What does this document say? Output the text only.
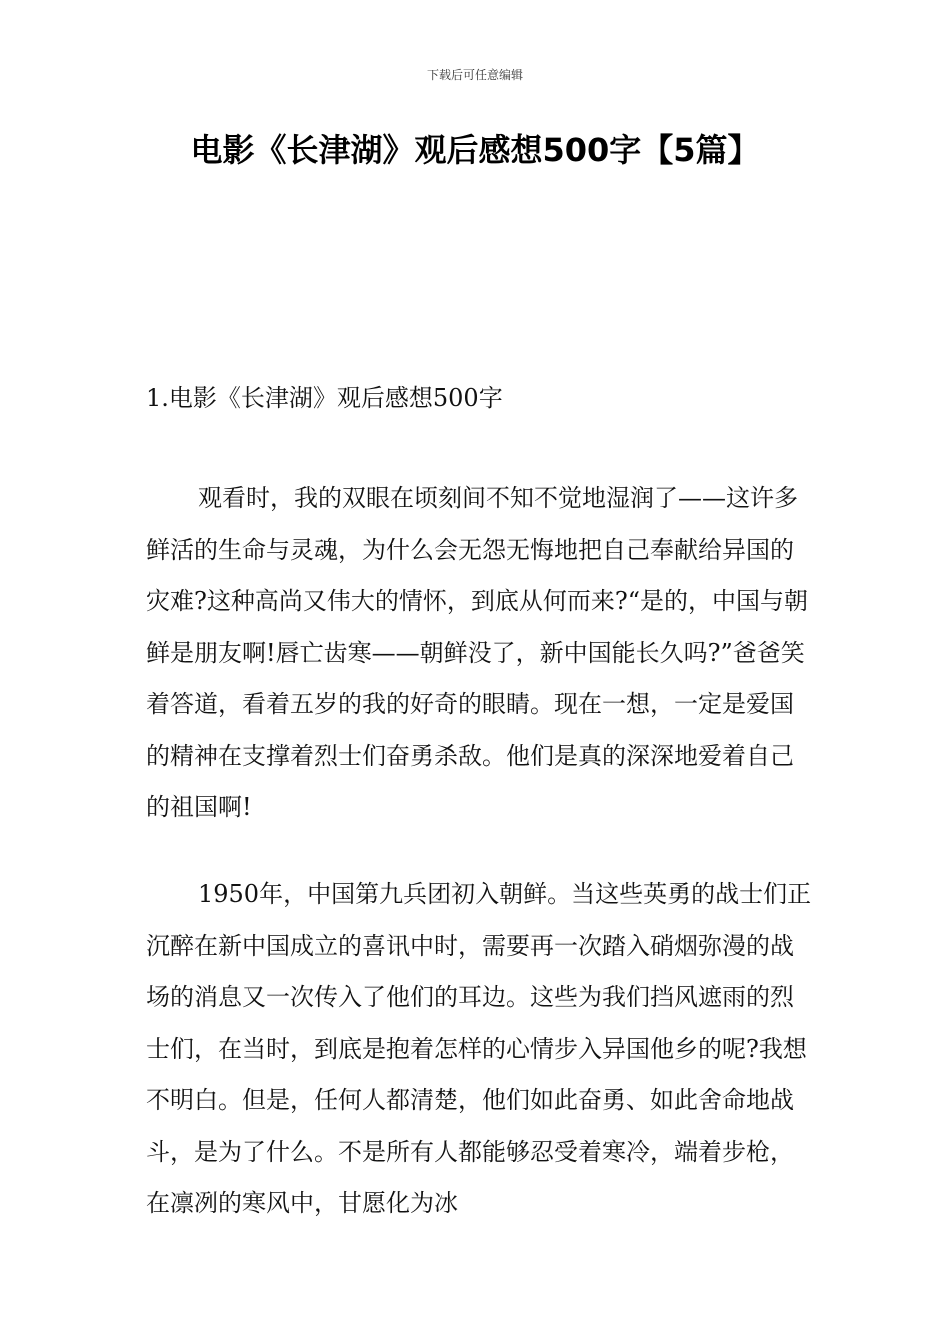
下载后可任意编辑
电影《长津湖》观后感想500字【5篇】
1.电影《长津湖》观后感想500字

观看时，我的双眼在顷刻间不知不觉地湿润了——这许多鲜活的生命与灵魂，为什么会无怨无悔地把自己奉献给异国的灾难?这种高尚又伟大的情怀，到底从何而来?“是的，中国与朝鲜是朋友啊!唇亡齿寒——朝鲜没了，新中国能长久吗?”爸爸笑着答道，看着五岁的我的好奇的眼睛。现在一想，一定是爱国的精神在支撑着烈士们奋勇杀敌。他们是真的深深地爱着自己的祖国啊!

1950年，中国第九兵团初入朝鲜。当这些英勇的战士们正沉醉在新中国成立的喜讯中时，需要再一次踏入硝烟弥漫的战场的消息又一次传入了他们的耳边。这些为我们挡风遮雨的烈士们，在当时，到底是抱着怎样的心情步入异国他乡的呢?我想不明白。但是，任何人都清楚，他们如此奋勇、如此舍命地战斗，是为了什么。不是所有人都能够忍受着寒冷，端着步枪，在凛冽的寒风中，甘愿化为冰
